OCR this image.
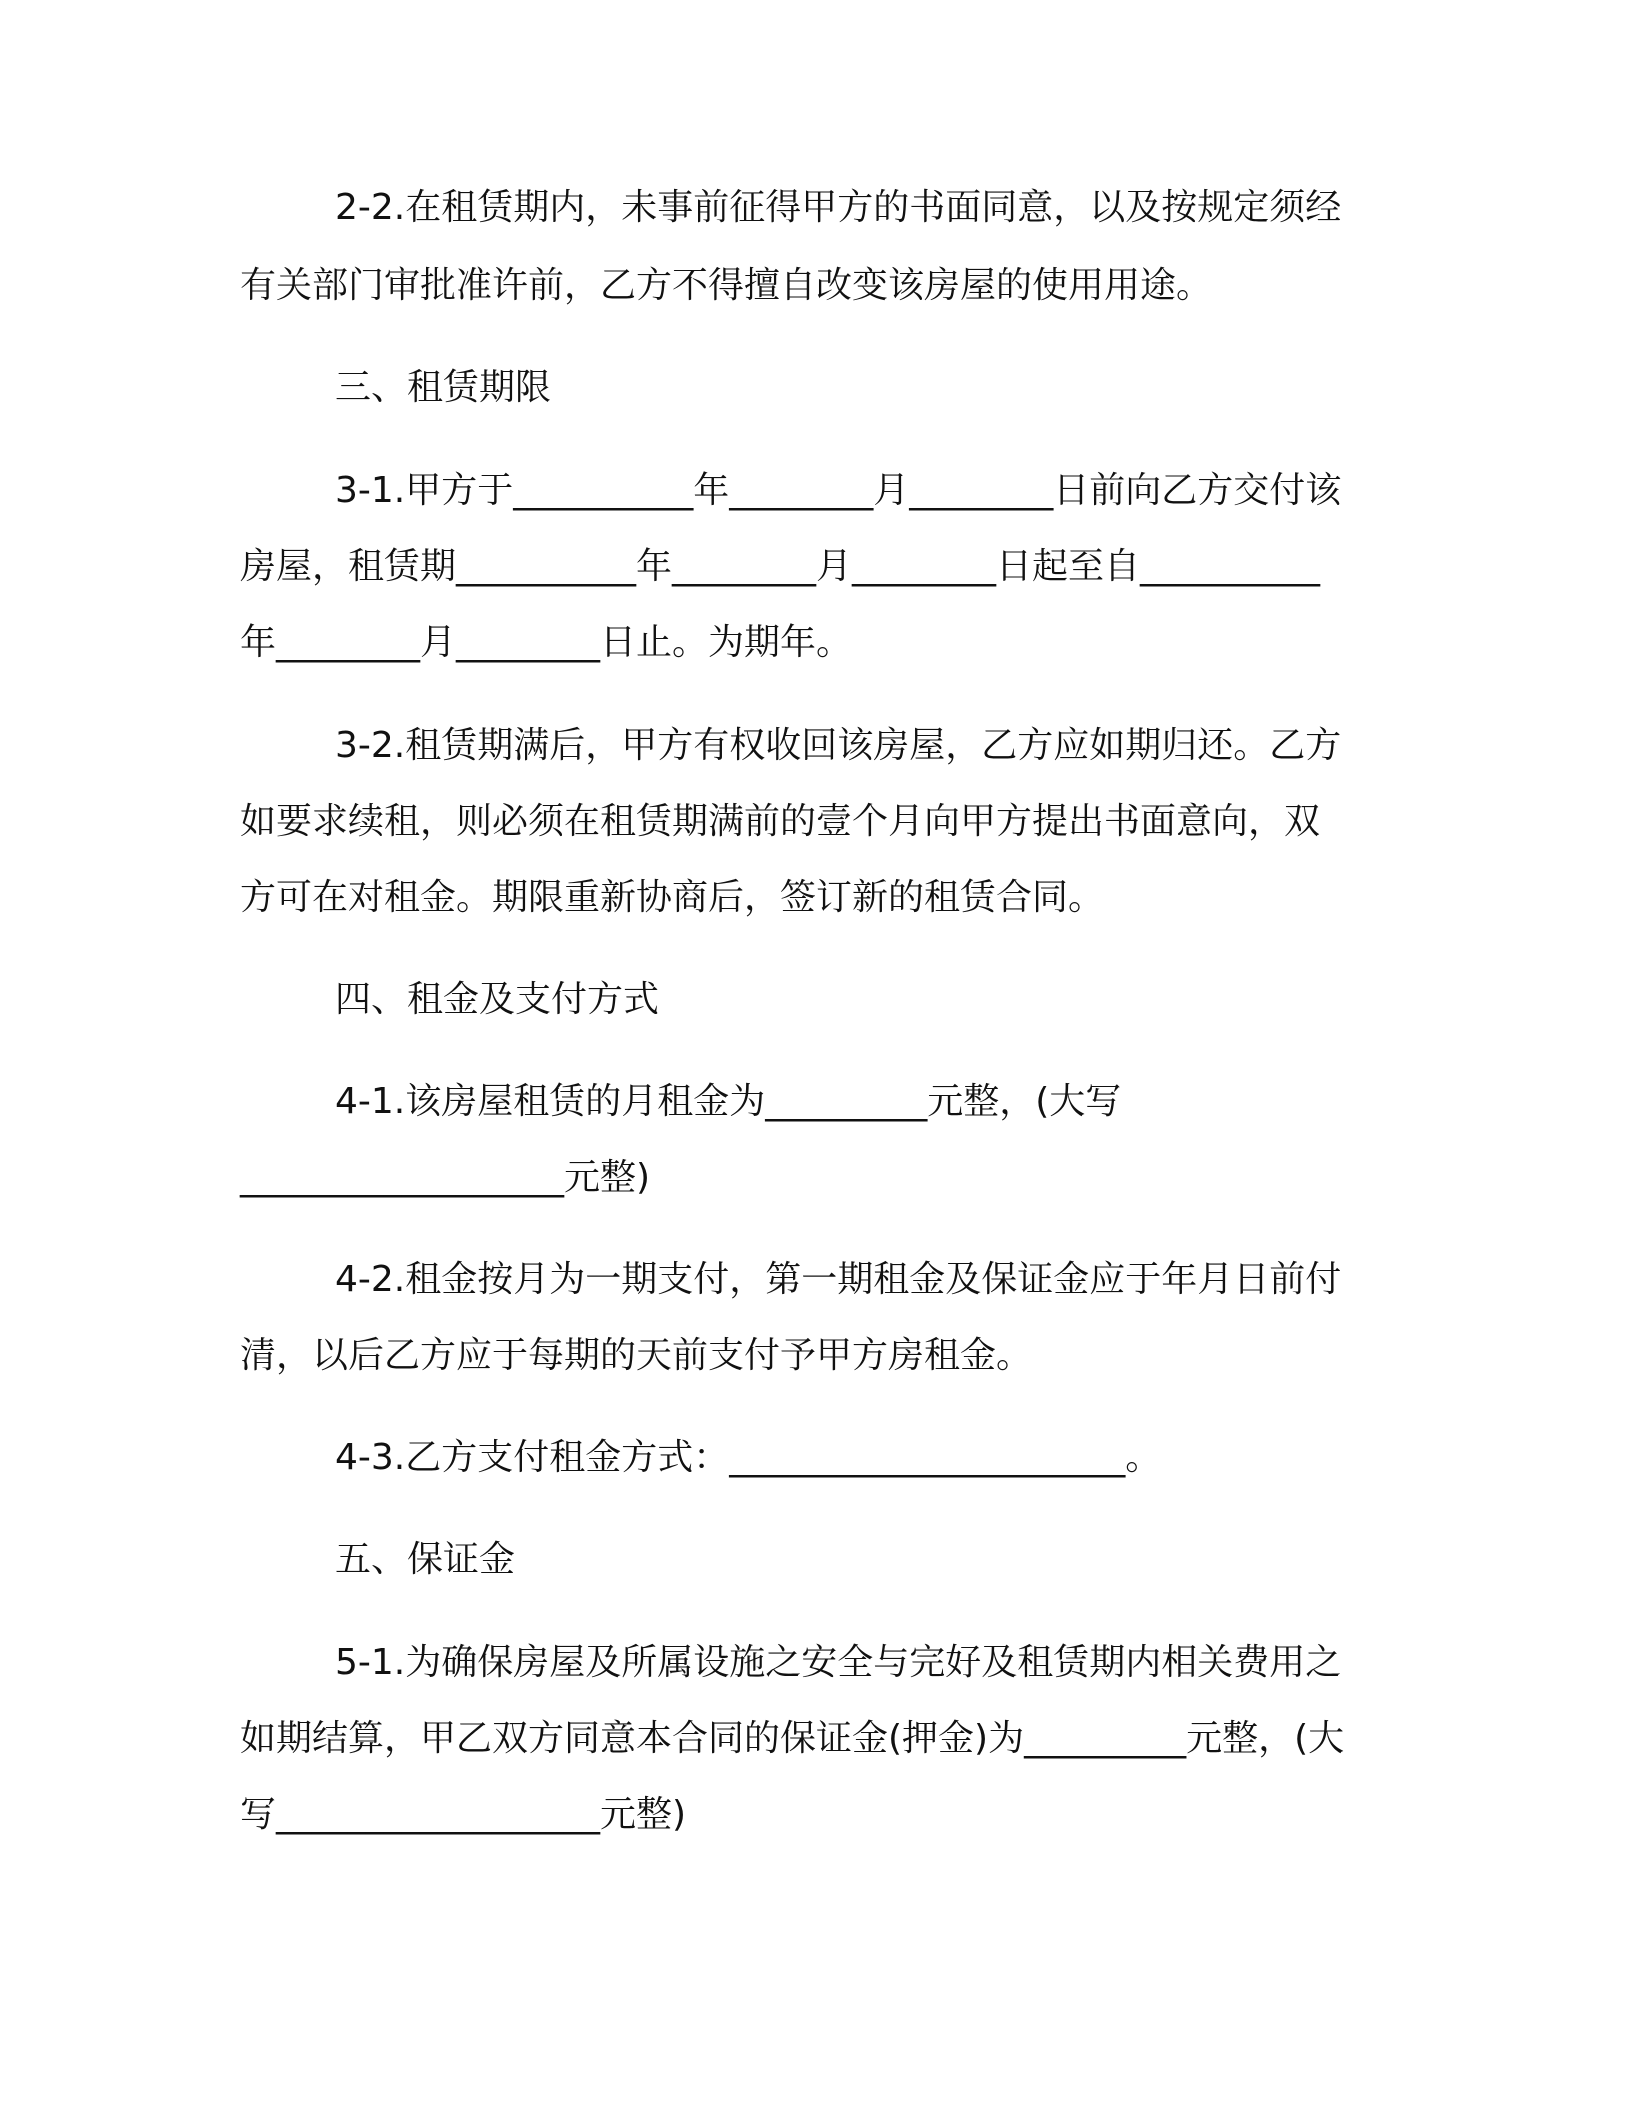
2-2.在租赁期内，未事前征得甲方的书面同意，以及按规定须经
有关部门审批准许前，乙方不得擅自改变该房屋的使用用途。
三、租赁期限
3-1.甲方于__________年________月________日前向乙方交付该
房屋，租赁期__________年________月________日起至自__________
年________月________日止。为期年。
3-2.租赁期满后，甲方有权收回该房屋，乙方应如期归还。乙方
如要求续租，则必须在租赁期满前的壹个月向甲方提出书面意向，双
方可在对租金。期限重新协商后，签订新的租赁合同。
四、租金及支付方式
4-1.该房屋租赁的月租金为_________元整，(大写
__________________元整)
4-2.租金按月为一期支付，第一期租金及保证金应于年月日前付
清，以后乙方应于每期的天前支付予甲方房租金。
4-3.乙方支付租金方式：______________________。
五、保证金
5-1.为确保房屋及所属设施之安全与完好及租赁期内相关费用之
如期结算，甲乙双方同意本合同的保证金(押金)为_________元整，(大
写__________________元整)
